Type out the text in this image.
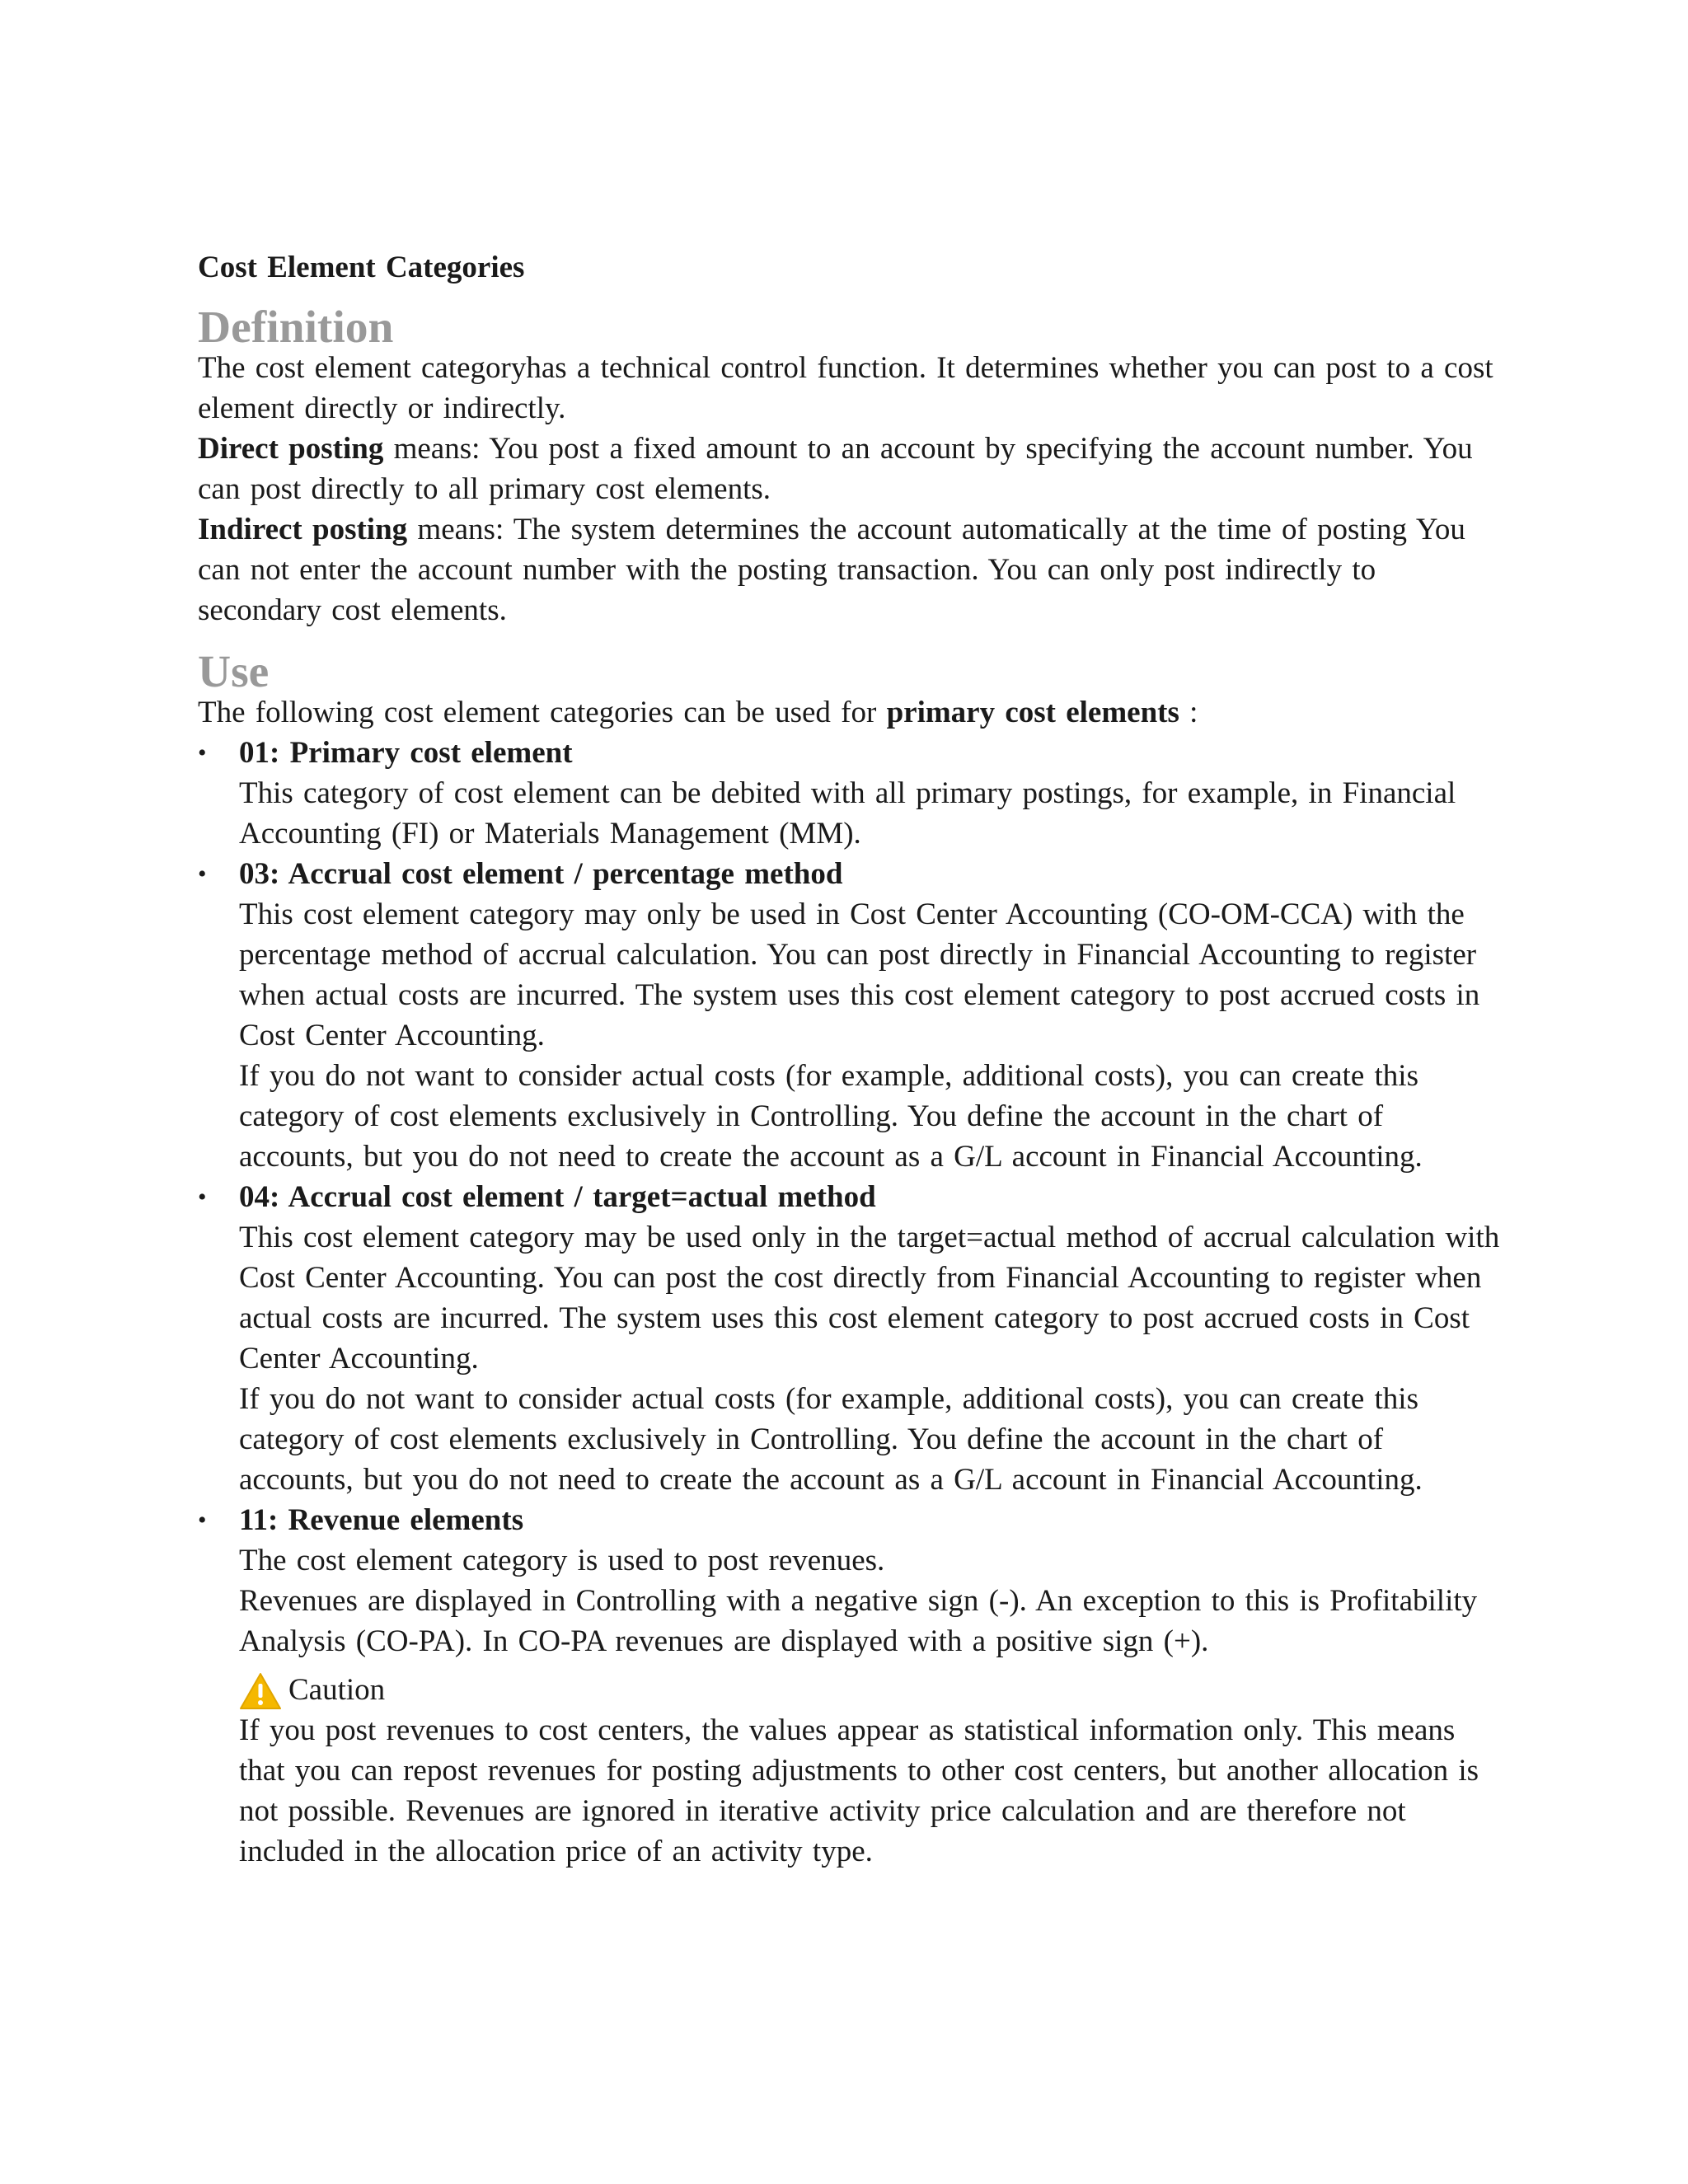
Cost Element Categories
Definition

The cost element categoryhas a technical control function. It determines whether you can post to a cost element directly or indirectly.

Direct posting means: You post a fixed amount to an account by specifying the account number. You can post directly to all primary cost elements.

Indirect posting means: The system determines the account automatically at the time of posting You can not enter the account number with the posting transaction. You can only post indirectly to secondary cost elements.

Use

The following cost element categories can be used for primary cost elements :

• 01: Primary cost element
This category of cost element can be debited with all primary postings, for example, in Financial Accounting (FI) or Materials Management (MM).
• 03: Accrual cost element / percentage method
This cost element category may only be used in Cost Center Accounting (CO-OM-CCA) with the percentage method of accrual calculation. You can post directly in Financial Accounting to register when actual costs are incurred. The system uses this cost element category to post accrued costs in Cost Center Accounting.
If you do not want to consider actual costs (for example, additional costs), you can create this category of cost elements exclusively in Controlling. You define the account in the chart of accounts, but you do not need to create the account as a G/L account in Financial Accounting.
• 04: Accrual cost element / target=actual method
This cost element category may be used only in the target=actual method of accrual calculation with Cost Center Accounting. You can post the cost directly from Financial Accounting to register when actual costs are incurred. The system uses this cost element category to post accrued costs in Cost Center Accounting.
If you do not want to consider actual costs (for example, additional costs), you can create this category of cost elements exclusively in Controlling. You define the account in the chart of accounts, but you do not need to create the account as a G/L account in Financial Accounting.
• 11: Revenue elements
The cost element category is used to post revenues.
Revenues are displayed in Controlling with a negative sign (-). An exception to this is Profitability Analysis (CO-PA). In CO-PA revenues are displayed with a positive sign (+).
Caution
If you post revenues to cost centers, the values appear as statistical information only. This means that you can repost revenues for posting adjustments to other cost centers, but another allocation is not possible. Revenues are ignored in iterative activity price calculation and are therefore not included in the allocation price of an activity type.
